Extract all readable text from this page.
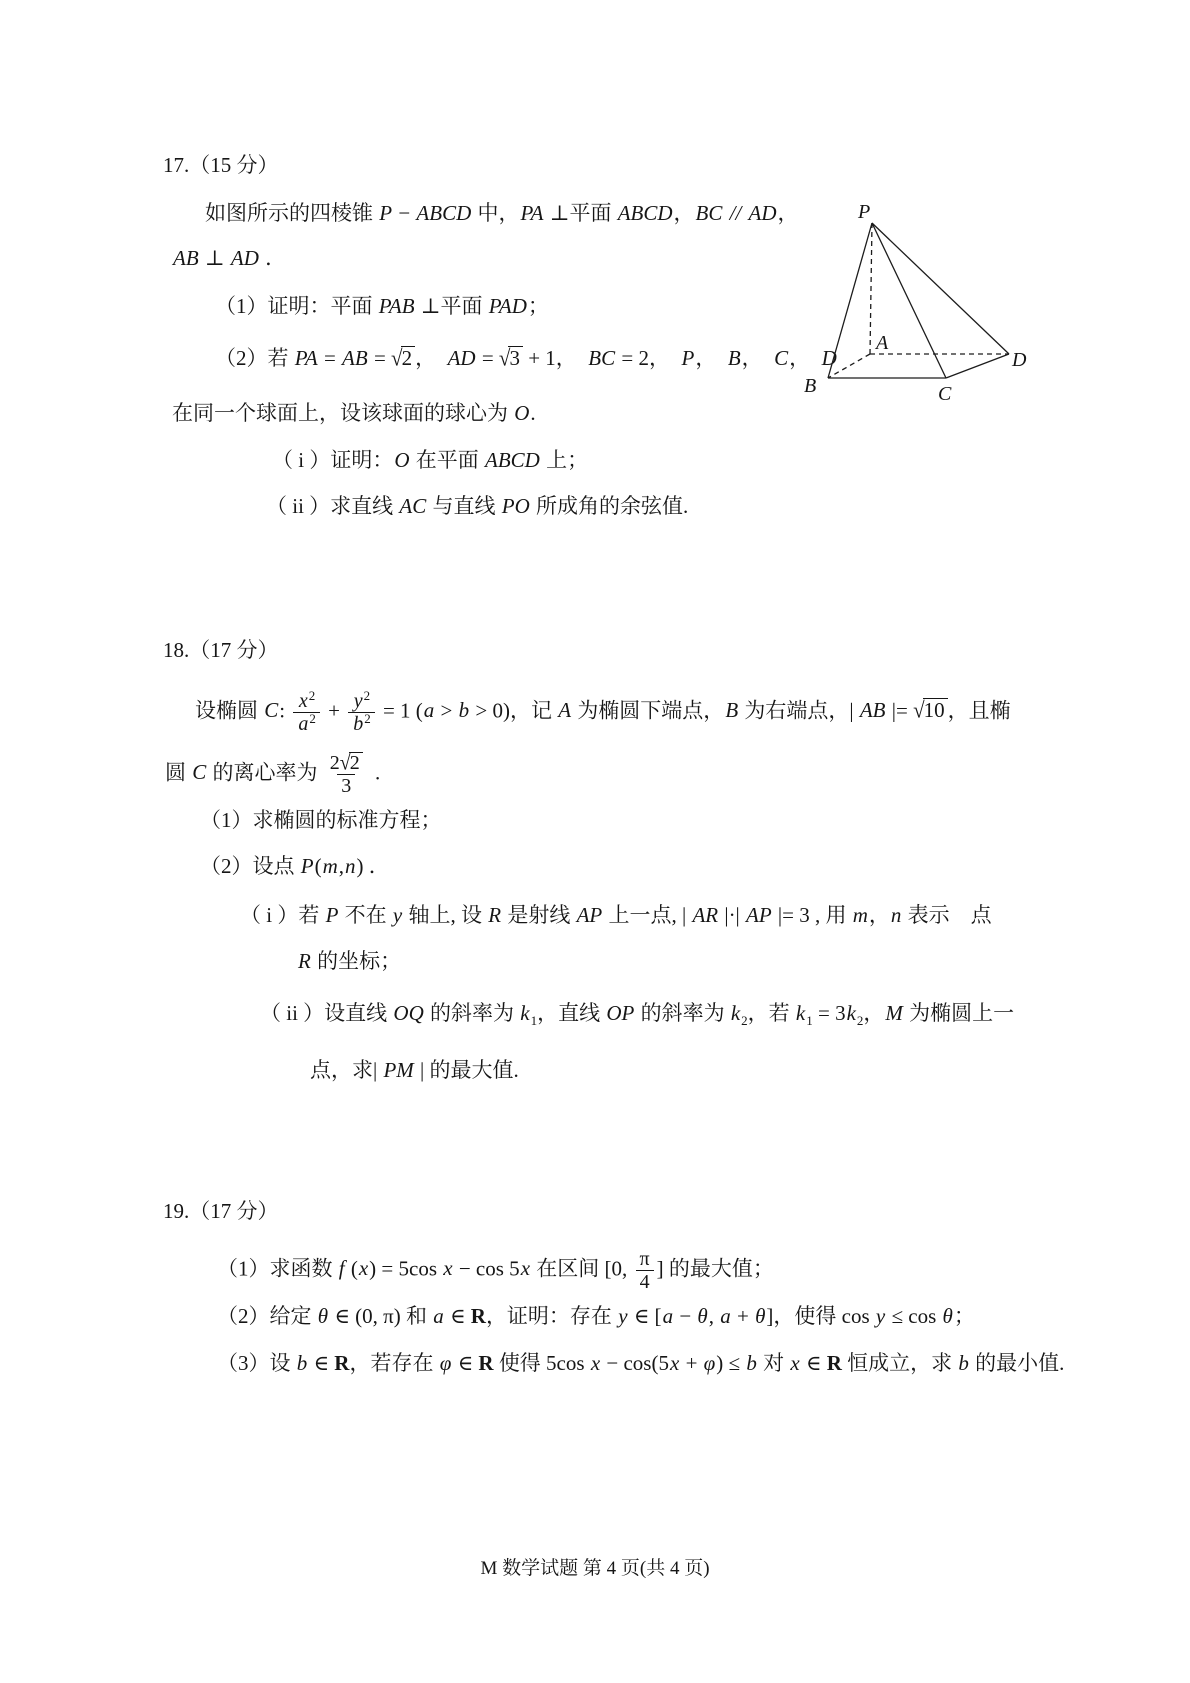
17.（15 分）
如图所示的四棱锥 P − ABCD 中，PA ⊥平面 ABCD，BC // AD，
AB ⊥ AD ．
（1）证明：平面 PAB ⊥平面 PAD；
（2）若 PA = AB = √2 ，  AD = √3 + 1，  BC = 2，  P，  B，  C，  D
在同一个球面上，设该球面的球心为 O.
（ i ）证明：O 在平面 ABCD 上；
（ ii ）求直线 AC 与直线 PO 所成角的余弦值.
18.（17 分）
设椭圆 C: $\frac{x^2}{a^2} + \frac{y^2}{b^2} = 1$ (a > b > 0)，记 A 为椭圆下端点，B 为右端点，| AB |= √10 ，且椭
圆 C 的离心率为 $\frac{2√2}{3}$ .
（1）求椭圆的标准方程；
（2）设点 P(m,n) ．
（ i ）若 P 不在 y 轴上, 设 R 是射线 AP 上一点, | AR |·| AP |= 3 , 用 m，n 表示　点
R 的坐标；
（ ii ）设直线 OQ 的斜率为 $k_1$，直线 OP 的斜率为 $k_2$，若 $k_1 = 3k_2$，M 为椭圆上一
点，求| PM | 的最大值.
19.（17 分）
（1）求函数 f (x) = 5cos x − cos 5x 在区间 [0, $\frac{\pi}{4}$ ] 的最大值；
（2）给定 θ ∈ (0, π) 和 a ∈ R，证明：存在 y ∈ [a − θ, a + θ]，使得 cos y ≤ cos θ；
（3）设 b ∈ R，若存在 φ ∈ R 使得 5cos x − cos(5x + φ) ≤ b 对 x ∈ R 恒成立，求 b 的最小值.
P
A
B	C
D
M 数学试题 第 4 页(共 4 页)
